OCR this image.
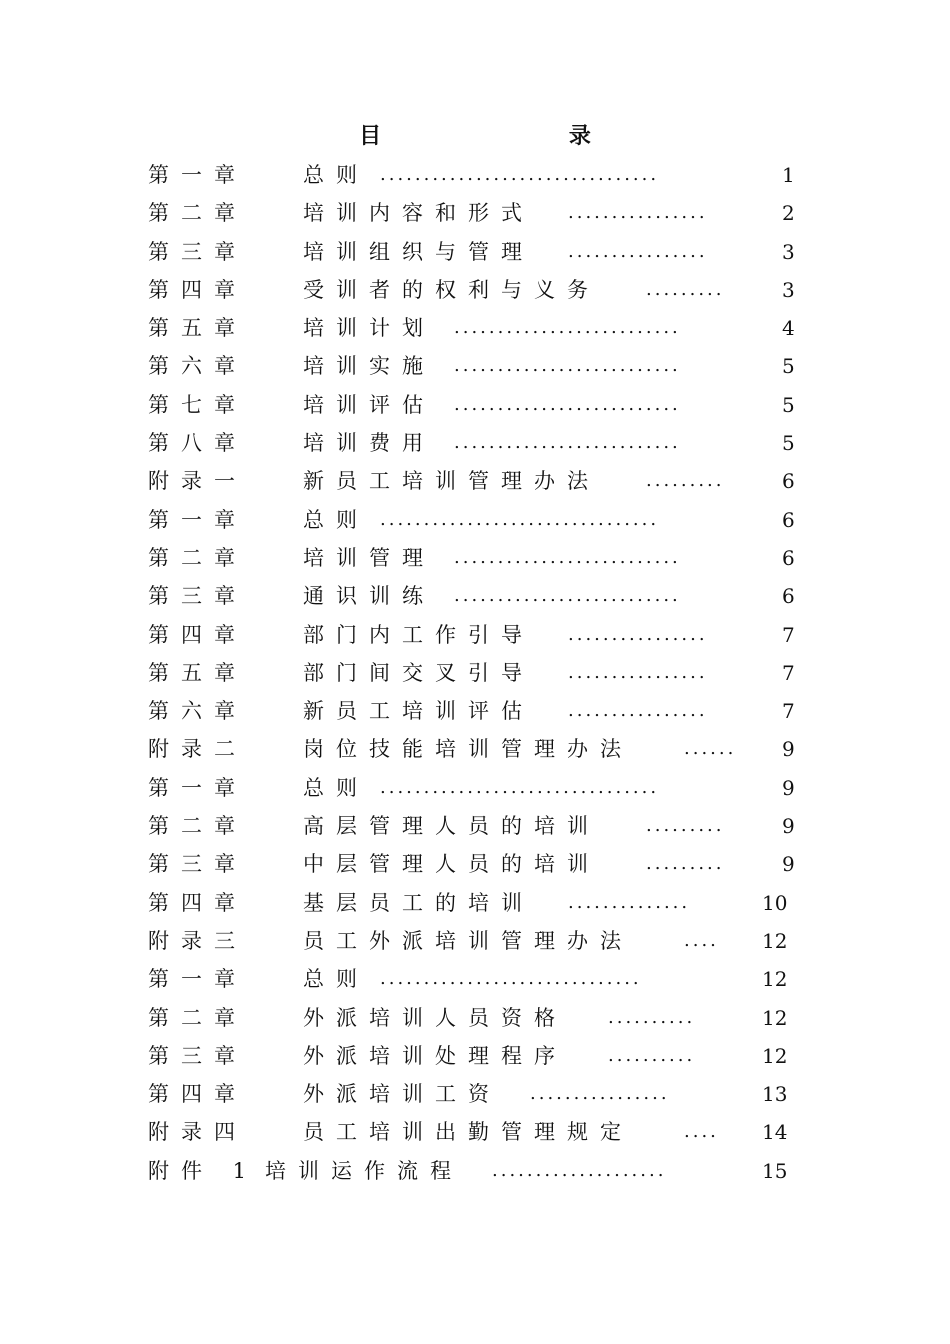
目 录
第一章	总则 ................................	1
第二章	培训内容和形式 ................	2
第三章	培训组织与管理 ................	3
第四章	受训者的权利与义务	.........	3
第五章	培训计划 ..........................	4
第六章	培训实施 ..........................	5
第七章	培训评估 ..........................	5
第八章	培训费用 ..........................	5
附录一	新员工培训管理办法	.........	6
第一章	总则 ................................	6
第二章	培训管理 ..........................	6
第三章	通识训练 ..........................	6
第四章	部门内工作引导 ................	7
第五章	部门间交叉引导 ................	7
第六章	新员工培训评估 ................	7
附录二	岗位技能培训管理办法	......	9
第一章	总则 ................................	9
第二章	高层管理人员的培训	.........	9
第三章	中层管理人员的培训	.........	9
第四章	基层员工的培训 ..............	10
附录三	员工外派培训管理办法	....	12
第一章	总则 ..............................	12
第二章	外派培训人员资格 ..........	12
第三章	外派培训处理程序 ..........	12
第四章	外派培训工资 ................	13
附录四	员工培训出勤管理规定	....	14
附件 1 培训运作流程 ....................	15
